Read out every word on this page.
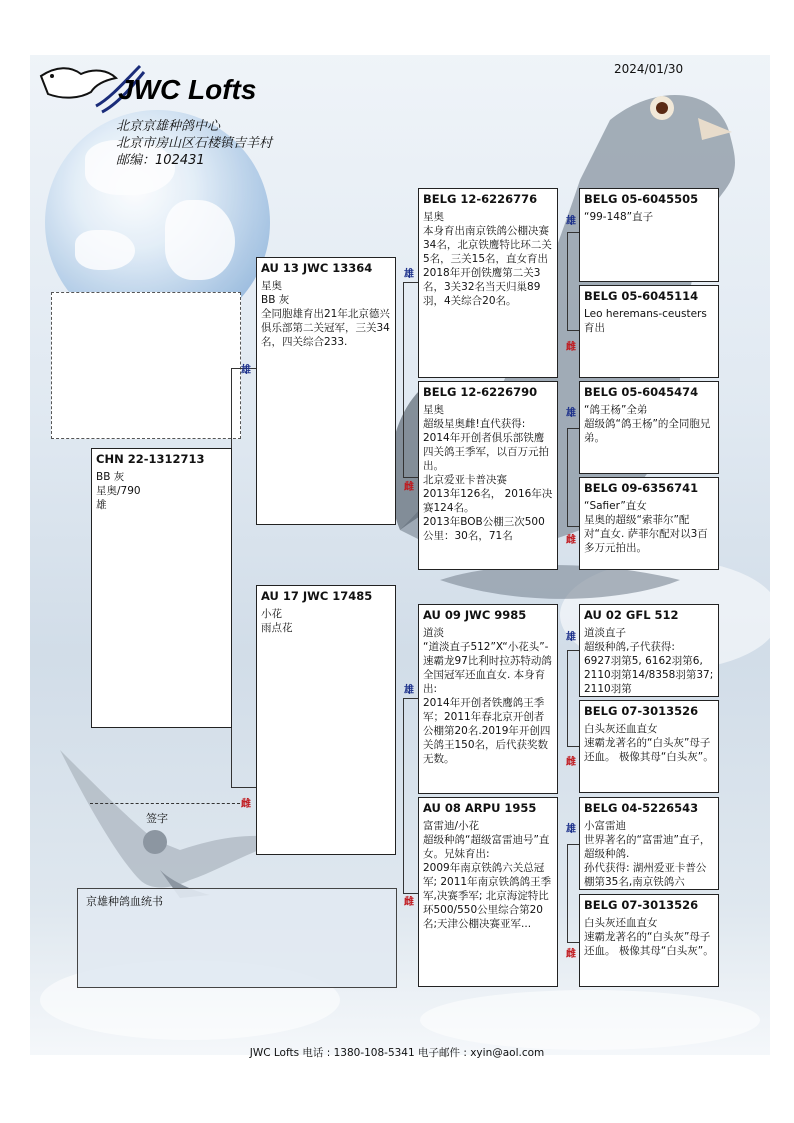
2024/01/30
JWC Lofts
北京京雄种鸽中心
北京市房山区石楼镇吉羊村
邮编：102431
雄
雌
雄
雌
雄
雌
雄
雌
雄
雌
雄
雌
雄
雌
CHN 22-1312713
BB 灰
星奥/790
雄
AU 13 JWC 13364
星奥
BB 灰
全同胞雄育出21年北京德兴俱乐部第二关冠军，三关34名，四关综合233.
AU 17 JWC 17485
小花
雨点花
BELG 12-6226776
星奥
本身育出南京铁鸽公棚决赛34名，北京铁鹰特比环二关5名，三关15名，直女育出2018年开创铁鹰第二关3名，3关32名当天归巢89羽，4关综合20名。
BELG 12-6226790
星奥
超级星奥雌!直代获得:
2014年开创者俱乐部铁鹰四关鸽王季军，以百万元拍出。
北京爱亚卡普决赛
2013年126名， 2016年决赛124名。
2013年BOB公棚三次500公里：30名，71名
AU 09 JWC 9985
道淡
“道淡直子512”X“小花头”-速霸龙97比利时拉苏特动鸽全国冠军还血直女. 本身育出:
2014年开创者铁鹰鸽王季军；2011年春北京开创者公棚第20名.2019年开创四关鸽王150名，后代获奖数无数。
AU 08 ARPU 1955
富雷迪/小花
超级种鸽“超级富雷迪号”直女。兄妹育出:
2009年南京铁鸽六关总冠军; 2011年南京铁鸽鸽王季军,决赛季军; 北京海淀特比环500/550公里综合第20名;天津公棚决赛亚军...
BELG 05-6045505
“99-148”直子
BELG 05-6045114
Leo heremans-ceusters 育出
BELG 05-6045474
“鸽王杨”全弟
超级鸽“鸽王杨”的全同胞兄弟。
BELG 09-6356741
“Safier”直女
星奥的超级“索菲尔”配对“直女. 萨菲尔配对以3百多万元拍出。
AU 02 GFL 512
道淡直子
超级种鸽,子代获得:
6927羽第5, 6162羽第6, 2110羽第14/8358羽第37; 2110羽第
BELG 07-3013526
白头灰还血直女
速霸龙著名的“白头灰”母子还血。 极像其母“白头灰”。
BELG 04-5226543
小富雷迪
世界著名的“富雷迪”直子，超级种鸽.
孙代获得: 湖州爱亚卡普公棚第35名,南京铁鸽六
BELG 07-3013526
白头灰还血直女
速霸龙著名的“白头灰”母子还血。 极像其母“白头灰”。
签字
京雄种鸽血统书
JWC Lofts 电话 : 1380-108-5341 电子邮件 : xyin@aol.com
